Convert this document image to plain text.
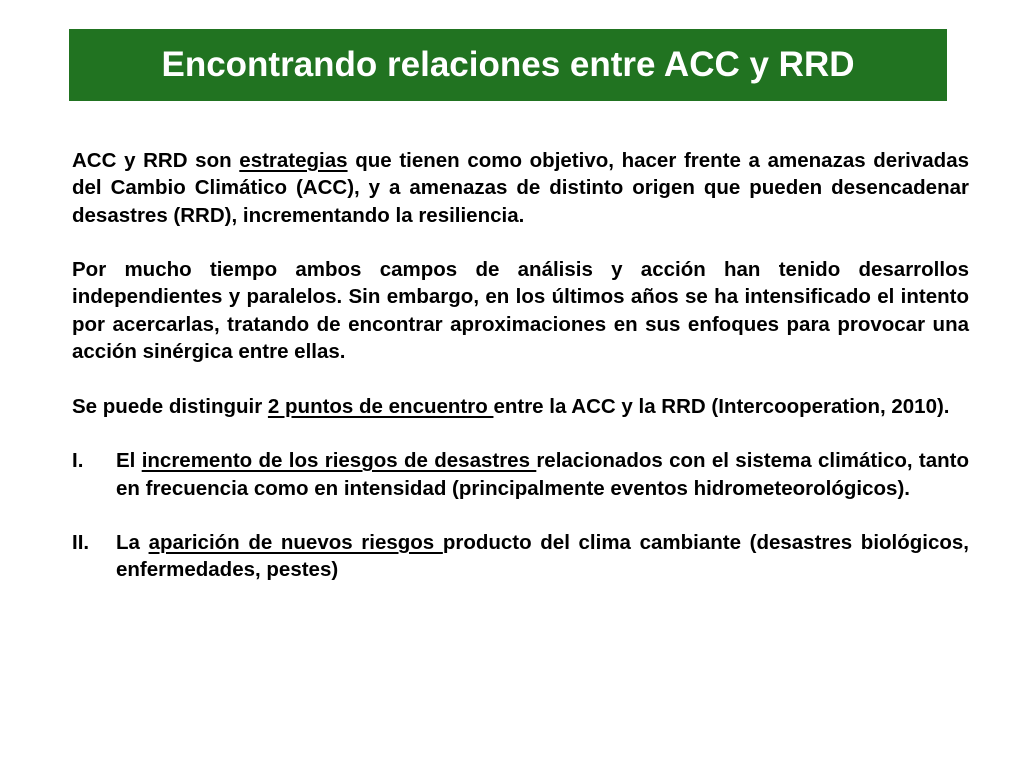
Encontrando relaciones entre ACC y RRD

ACC y RRD son estrategias que tienen como objetivo, hacer frente a amenazas derivadas del Cambio Climático (ACC), y a amenazas de distinto origen que pueden desencadenar desastres (RRD), incrementando la resiliencia.

Por mucho tiempo ambos campos de análisis y acción han tenido desarrollos independientes y paralelos. Sin embargo, en los últimos años se ha intensificado el intento por acercarlas, tratando de encontrar aproximaciones en sus enfoques para provocar una acción sinérgica entre ellas.

Se puede distinguir 2 puntos de encuentro entre la ACC y la RRD (Intercooperation, 2010).

I.	El incremento de los riesgos de desastres relacionados con el sistema climático, tanto en frecuencia como en intensidad (principalmente eventos hidrometeorológicos).
II.	La aparición de nuevos riesgos producto del clima cambiante (desastres biológicos, enfermedades, pestes)
